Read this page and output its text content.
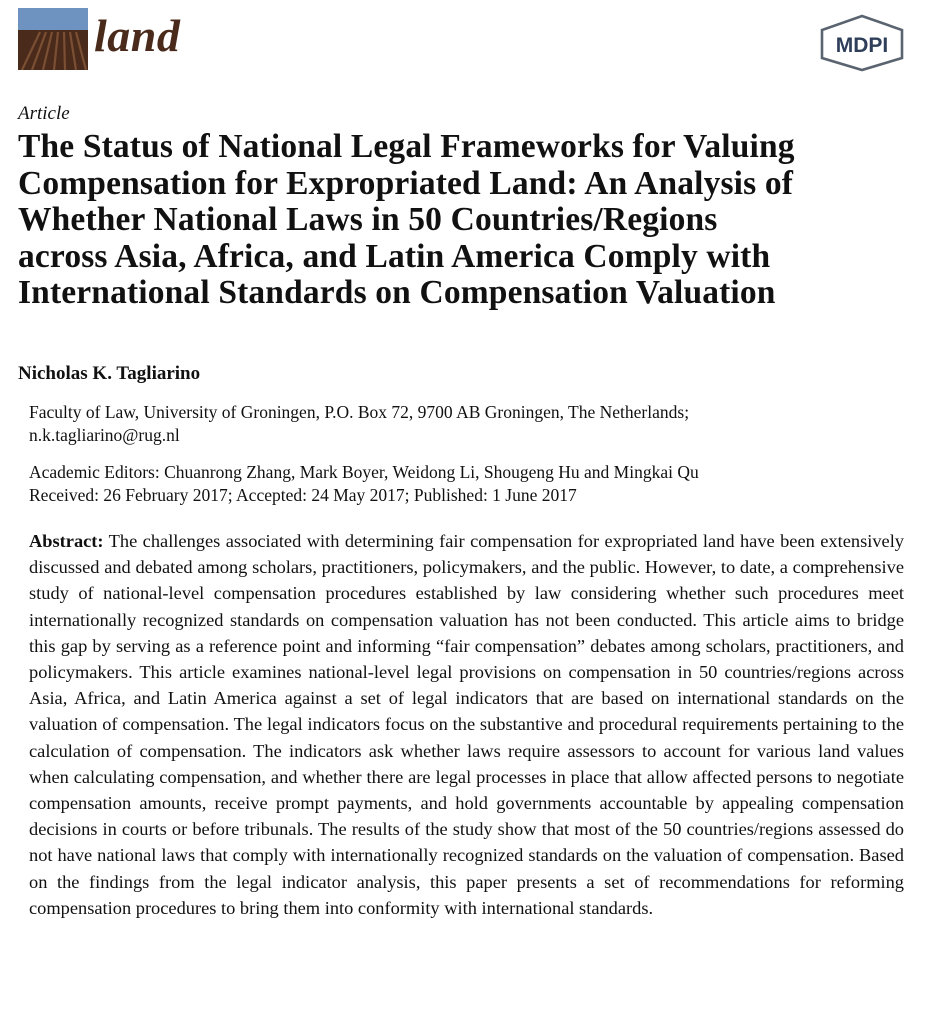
land	MDPI
Article
The Status of National Legal Frameworks for Valuing
Compensation for Expropriated Land: An Analysis of
Whether National Laws in 50 Countries/Regions
across Asia, Africa, and Latin America Comply with
International Standards on Compensation Valuation
Nicholas K. Tagliarino
Faculty of Law, University of Groningen, P.O. Box 72, 9700 AB Groningen, The Netherlands;
n.k.tagliarino@rug.nl
Academic Editors: Chuanrong Zhang, Mark Boyer, Weidong Li, Shougeng Hu and Mingkai Qu
Received: 26 February 2017; Accepted: 24 May 2017; Published: 1 June 2017

Abstract: The challenges associated with determining fair compensation for expropriated land have been extensively discussed and debated among scholars, practitioners, policymakers, and the public. However, to date, a comprehensive study of national-level compensation procedures established by law considering whether such procedures meet internationally recognized standards on compensation valuation has not been conducted. This article aims to bridge this gap by serving as a reference point and informing “fair compensation” debates among scholars, practitioners, and policymakers. This article examines national-level legal provisions on compensation in 50 countries/regions across Asia, Africa, and Latin America against a set of legal indicators that are based on international standards on the valuation of compensation. The legal indicators focus on the substantive and procedural requirements pertaining to the calculation of compensation. The indicators ask whether laws require assessors to account for various land values when calculating compensation, and whether there are legal processes in place that allow affected persons to negotiate compensation amounts, receive prompt payments, and hold governments accountable by appealing compensation decisions in courts or before tribunals. The results of the study show that most of the 50 countries/regions assessed do not have national laws that comply with internationally recognized standards on the valuation of compensation. Based on the findings from the legal indicator analysis, this paper presents a set of recommendations for reforming compensation procedures to bring them into conformity with international standards.
